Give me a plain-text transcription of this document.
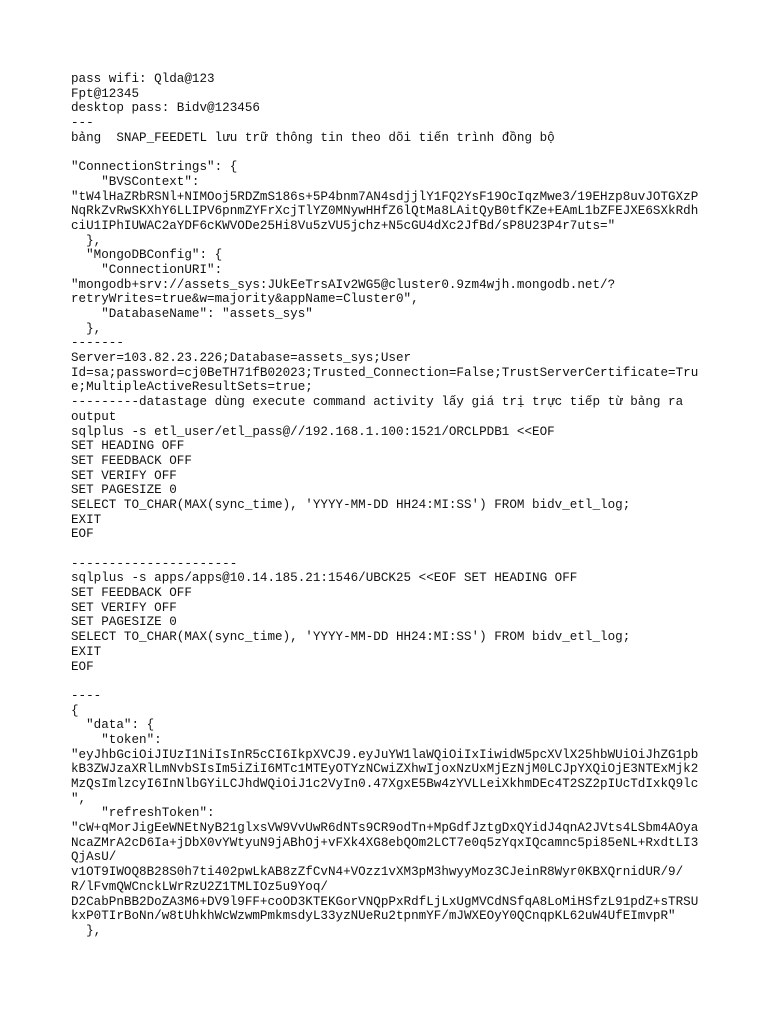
pass wifi: Qlda@123
Fpt@12345
desktop pass: Bidv@123456
---
bảng  SNAP_FEEDETL lưu trữ thông tin theo dõi tiến trình đồng bộ
"ConnectionStrings": {
"BVSContext":
"tW4lHaZRbRSNl+NIMOoj5RDZmS186s+5P4bnm7AN4sdjjlY1FQ2YsF19OcIqzMwe3/19EHzp8uvJOTGXzP
NqRkZvRwSKXhY6LLIPV6pnmZYFrXcjTlYZ0MNywHHfZ6lQtMa8LAitQyB0tfKZe+EAmL1bZFEJXE6SXkRdh
ciU1IPhIUWAC2aYDF6cKWVODe25Hi8Vu5zVU5jchz+N5cGU4dXc2JfBd/sP8U23P4r7uts="
},
"MongoDBConfig": {
"ConnectionURI":
"mongodb+srv://assets_sys:JUkEeTrsAIv2WG5@cluster0.9zm4wjh.mongodb.net/?
retryWrites=true&w=majority&appName=Cluster0",
"DatabaseName": "assets_sys"
},
-------
Server=103.82.23.226;Database=assets_sys;User
Id=sa;password=cj0BeTH71fB02023;Trusted_Connection=False;TrustServerCertificate=Tru
e;MultipleActiveResultSets=true;
---------datastage dùng execute command activity lấy giá trị trực tiếp từ bảng ra
output
sqlplus -s etl_user/etl_pass@//192.168.1.100:1521/ORCLPDB1 <<EOF
SET HEADING OFF
SET FEEDBACK OFF
SET VERIFY OFF
SET PAGESIZE 0
SELECT TO_CHAR(MAX(sync_time), 'YYYY-MM-DD HH24:MI:SS') FROM bidv_etl_log;
EXIT
EOF
----------------------
sqlplus -s apps/apps@10.14.185.21:1546/UBCK25 <<EOF SET HEADING OFF
SET FEEDBACK OFF
SET VERIFY OFF
SET PAGESIZE 0
SELECT TO_CHAR(MAX(sync_time), 'YYYY-MM-DD HH24:MI:SS') FROM bidv_etl_log;
EXIT
EOF
----
{
"data": {
"token":
"eyJhbGciOiJIUzI1NiIsInR5cCI6IkpXVCJ9.eyJuYW1laWQiOiIxIiwidW5pcXVlX25hbWUiOiJhZG1pb
kB3ZWJzaXRlLmNvbSIsIm5iZiI6MTc1MTEyOTYzNCwiZXhwIjoxNzUxMjEzNjM0LCJpYXQiOjE3NTExMjk2
MzQsImlzcyI6InNlbGYiLCJhdWQiOiJ1c2VyIn0.47XgxE5Bw4zYVLLeiXkhmDEc4T2SZ2pIUcTdIxkQ9lc
",
"refreshToken":
"cW+qMorJigEeWNEtNyB21glxsVW9VvUwR6dNTs9CR9odTn+MpGdfJztgDxQYidJ4qnA2JVts4LSbm4AOya
NcaZMrA2cD6Ia+jDbX0vYWtyuN9jABhOj+vFXk4XG8ebQOm2LCT7e0q5zYqxIQcamnc5pi85eNL+RxdtLI3
QjAsU/
v1OT9IWOQ8B28S0h7ti402pwLkAB8zZfCvN4+VOzz1vXM3pM3hwyyMoz3CJeinR8Wyr0KBXQrnidUR/9/
R/lFvmQWCnckLWrRzU2Z1TMLIOz5u9Yoq/
D2CabPnBB2DoZA3M6+DV9l9FF+coOD3KTEKGorVNQpPxRdfLjLxUgMVCdNSfqA8LoMiHSfzL91pdZ+sTRSU
kxP0TIrBoNn/w8tUhkhWcWzwmPmkmsdyL33yzNUeRu2tpnmYF/mJWXEOyY0QCnqpKL62uW4UfEImvpR"
},
